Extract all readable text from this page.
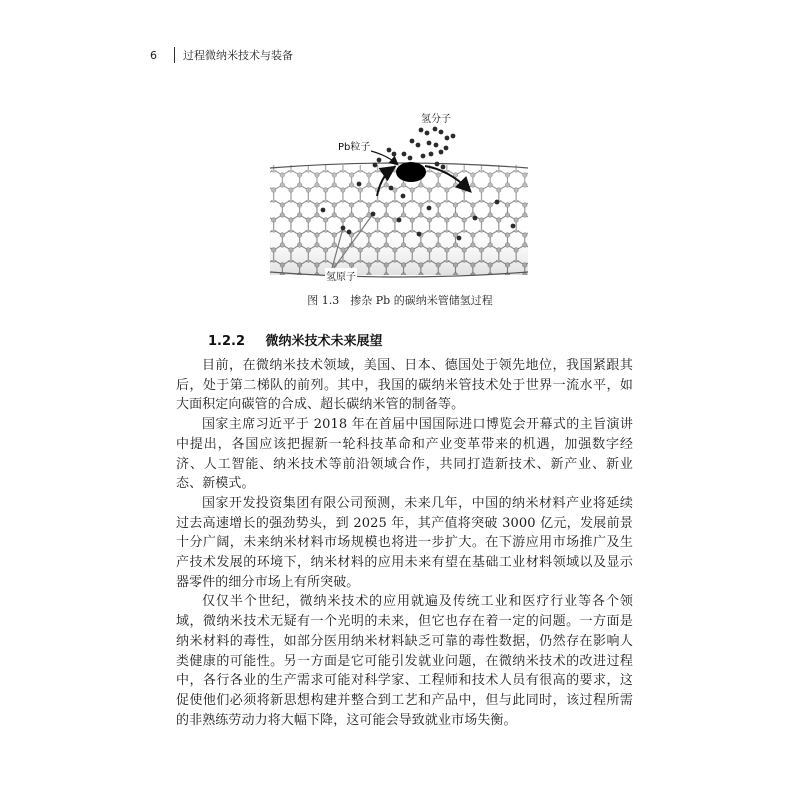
6	过程微纳米技术与装备
氢分子
Pb粒子
氢原子
图 1.3　掺杂 Pb 的碳纳米管储氢过程
1.2.2 微纳米技术未来展望

目前，在微纳米技术领域，美国、日本、德国处于领先地位，我国紧跟其后，处于第二梯队的前列。其中，我国的碳纳米管技术处于世界一流水平，如大面积定向碳管的合成、超长碳纳米管的制备等。

国家主席习近平于 2018 年在首届中国国际进口博览会开幕式的主旨演讲中提出，各国应该把握新一轮科技革命和产业变革带来的机遇，加强数字经济、人工智能、纳米技术等前沿领域合作，共同打造新技术、新产业、新业态、新模式。

国家开发投资集团有限公司预测，未来几年，中国的纳米材料产业将延续过去高速增长的强劲势头，到 2025 年，其产值将突破 3000 亿元，发展前景十分广阔，未来纳米材料市场规模也将进一步扩大。在下游应用市场推广及生产技术发展的环境下，纳米材料的应用未来有望在基础工业材料领域以及显示器零件的细分市场上有所突破。

仅仅半个世纪，微纳米技术的应用就遍及传统工业和医疗行业等各个领域，微纳米技术无疑有一个光明的未来，但它也存在着一定的问题。一方面是纳米材料的毒性，如部分医用纳米材料缺乏可靠的毒性数据，仍然存在影响人类健康的可能性。另一方面是它可能引发就业问题，在微纳米技术的改进过程中，各行各业的生产需求可能对科学家、工程师和技术人员有很高的要求，这促使他们必须将新思想构建并整合到工艺和产品中，但与此同时，该过程所需的非熟练劳动力将大幅下降，这可能会导致就业市场失衡。
